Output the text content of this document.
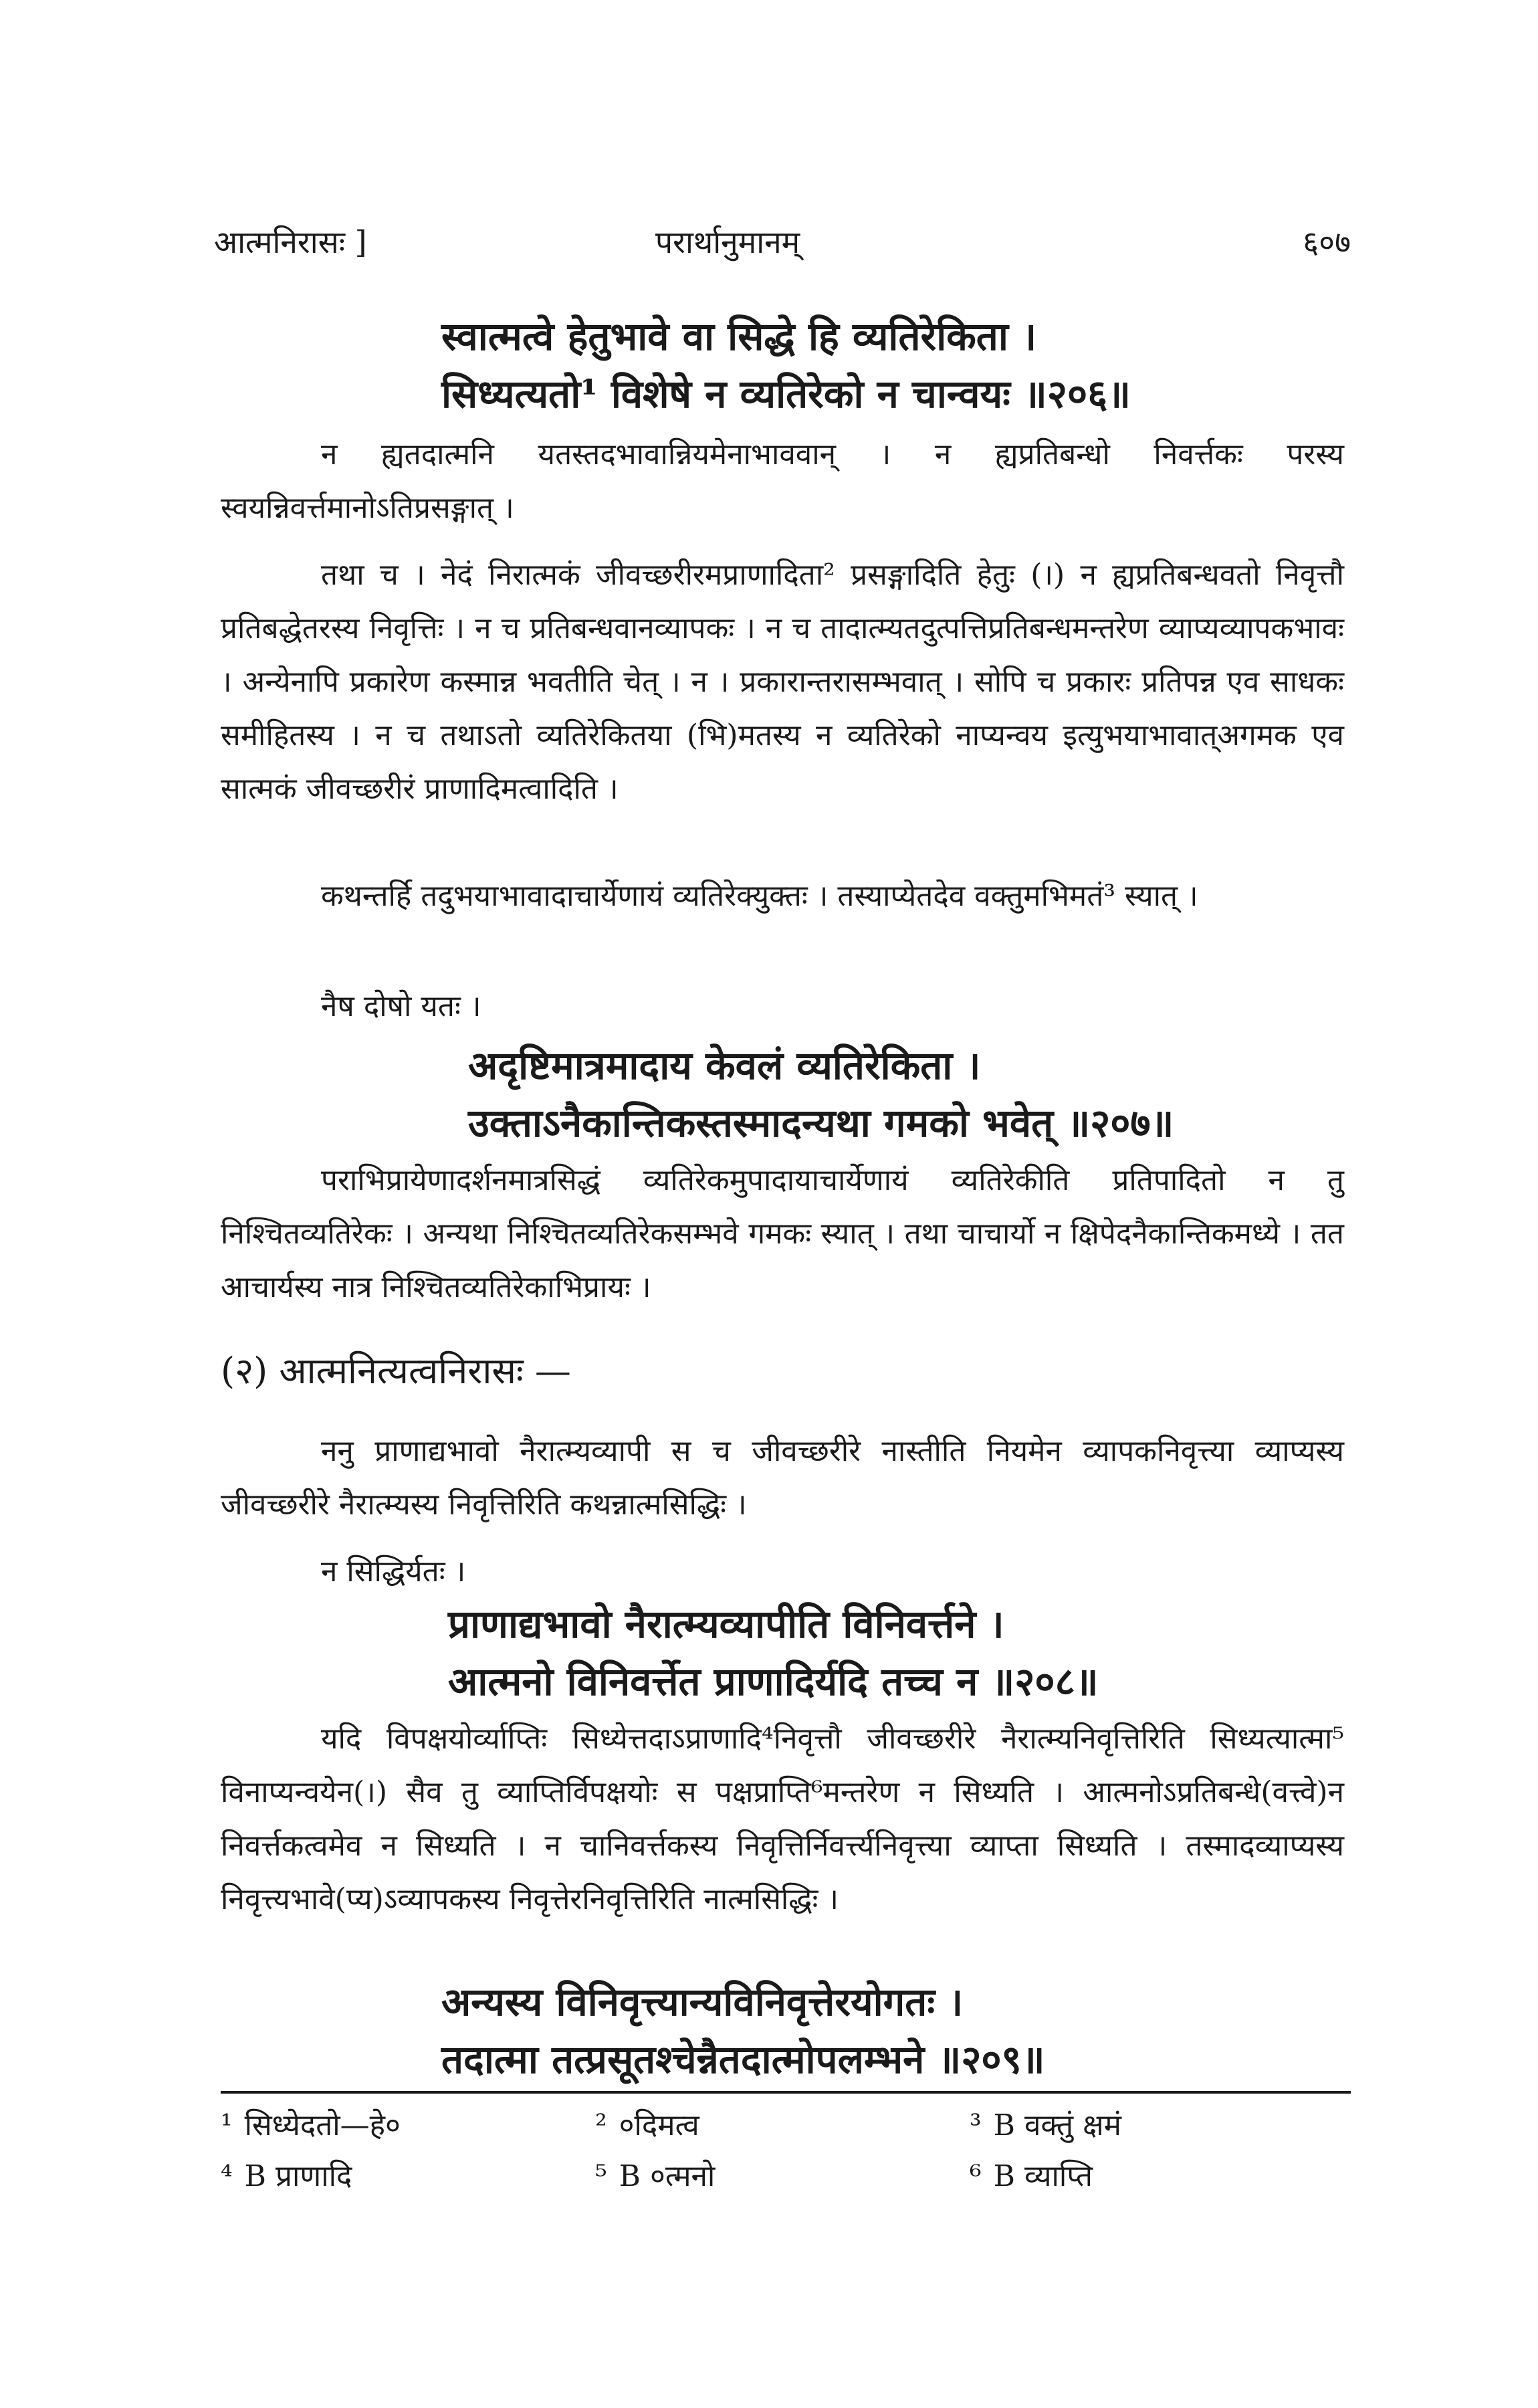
आत्मनिरासः ]	परार्थानुमानम्	६०७
स्वात्मत्वे हेतुभावे वा सिद्धे हि व्यतिरेकिता ।
सिध्यत्यतो¹ विशेषे न व्यतिरेको न चान्वयः ॥२०६॥
न ह्यतदात्मनि यतस्तदभावान्नियमेनाभाववान् । न ह्यप्रतिबन्धो निवर्त्तकः परस्य स्वयन्निवर्त्तमानोऽतिप्रसङ्गात् ।
तथा च । नेदं निरात्मकं जीवच्छरीरमप्राणादिता² प्रसङ्गादिति हेतुः (।) न ह्यप्रतिबन्धवतो निवृत्तौ प्रतिबद्धेतरस्य निवृत्तिः । न च प्रतिबन्धवानव्यापकः । न च तादात्म्यतदुत्पत्तिप्रतिबन्धमन्तरेण व्याप्यव्यापकभावः । अन्येनापि प्रकारेण कस्मान्न भवतीति चेत् । न । प्रकारान्तरासम्भवात् । सोपि च प्रकारः प्रतिपन्न एव साधकः समीहितस्य । न च तथाऽतो व्यतिरेकितया (भि)मतस्य न व्यतिरेको नाप्यन्वय इत्युभयाभावात्अगमक एव सात्मकं जीवच्छरीरं प्राणादिमत्वादिति ।
कथन्तर्हि तदुभयाभावादाचार्येणायं व्यतिरेक्युक्तः । तस्याप्येतदेव वक्तुमभिमतं³ स्यात् ।
नैष दोषो यतः ।
अदृष्टिमात्रमादाय केवलं व्यतिरेकिता ।
उक्ताऽनैकान्तिकस्तस्मादन्यथा गमको भवेत् ॥२०७॥
पराभिप्रायेणादर्शनमात्रसिद्धं व्यतिरेकमुपादायाचार्येणायं व्यतिरेकीति प्रतिपादितो न तु निश्चितव्यतिरेकः । अन्यथा निश्चितव्यतिरेकसम्भवे गमकः स्यात् । तथा चाचार्यो न क्षिपेदनैकान्तिकमध्ये । तत आचार्यस्य नात्र निश्चितव्यतिरेकाभिप्रायः ।
(२) आत्मनित्यत्वनिरासः —
ननु प्राणाद्यभावो नैरात्म्यव्यापी स च जीवच्छरीरे नास्तीति नियमेन व्यापकनिवृत्त्या व्याप्यस्य जीवच्छरीरे नैरात्म्यस्य निवृत्तिरिति कथन्नात्मसिद्धिः ।
न सिद्धिर्यतः ।
प्राणाद्यभावो नैरात्म्यव्यापीति विनिवर्त्तने ।
आत्मनो विनिवर्त्तेत प्राणादिर्यदि तच्च न ॥२०८॥
यदि विपक्षयोर्व्याप्तिः सिध्येत्तदाऽप्राणादि⁴निवृत्तौ जीवच्छरीरे नैरात्म्यनिवृत्तिरिति सिध्यत्यात्मा⁵ विनाप्यन्वयेन(।) सैव तु व्याप्तिर्विपक्षयोः स पक्षप्राप्ति⁶मन्तरेण न सिध्यति । आत्मनोऽप्रतिबन्धे(वत्त्वे)न निवर्त्तकत्वमेव न सिध्यति । न चानिवर्त्तकस्य निवृत्तिर्निवर्त्त्यनिवृत्त्या व्याप्ता सिध्यति । तस्मादव्याप्यस्य निवृत्त्यभावे(प्य)ऽव्यापकस्य निवृत्तेरनिवृत्तिरिति नात्मसिद्धिः ।
अन्यस्य विनिवृत्त्यान्यविनिवृत्तेरयोगतः ।
तदात्मा तत्प्रसूतश्चेन्नैतदात्मोपलम्भने ॥२०९॥
¹ सिध्येदतो—हे०	² ०दिमत्व	³ B वक्तुं क्षमं
⁴ B प्राणादि	⁵ B ०त्मनो	⁶ B व्याप्ति
